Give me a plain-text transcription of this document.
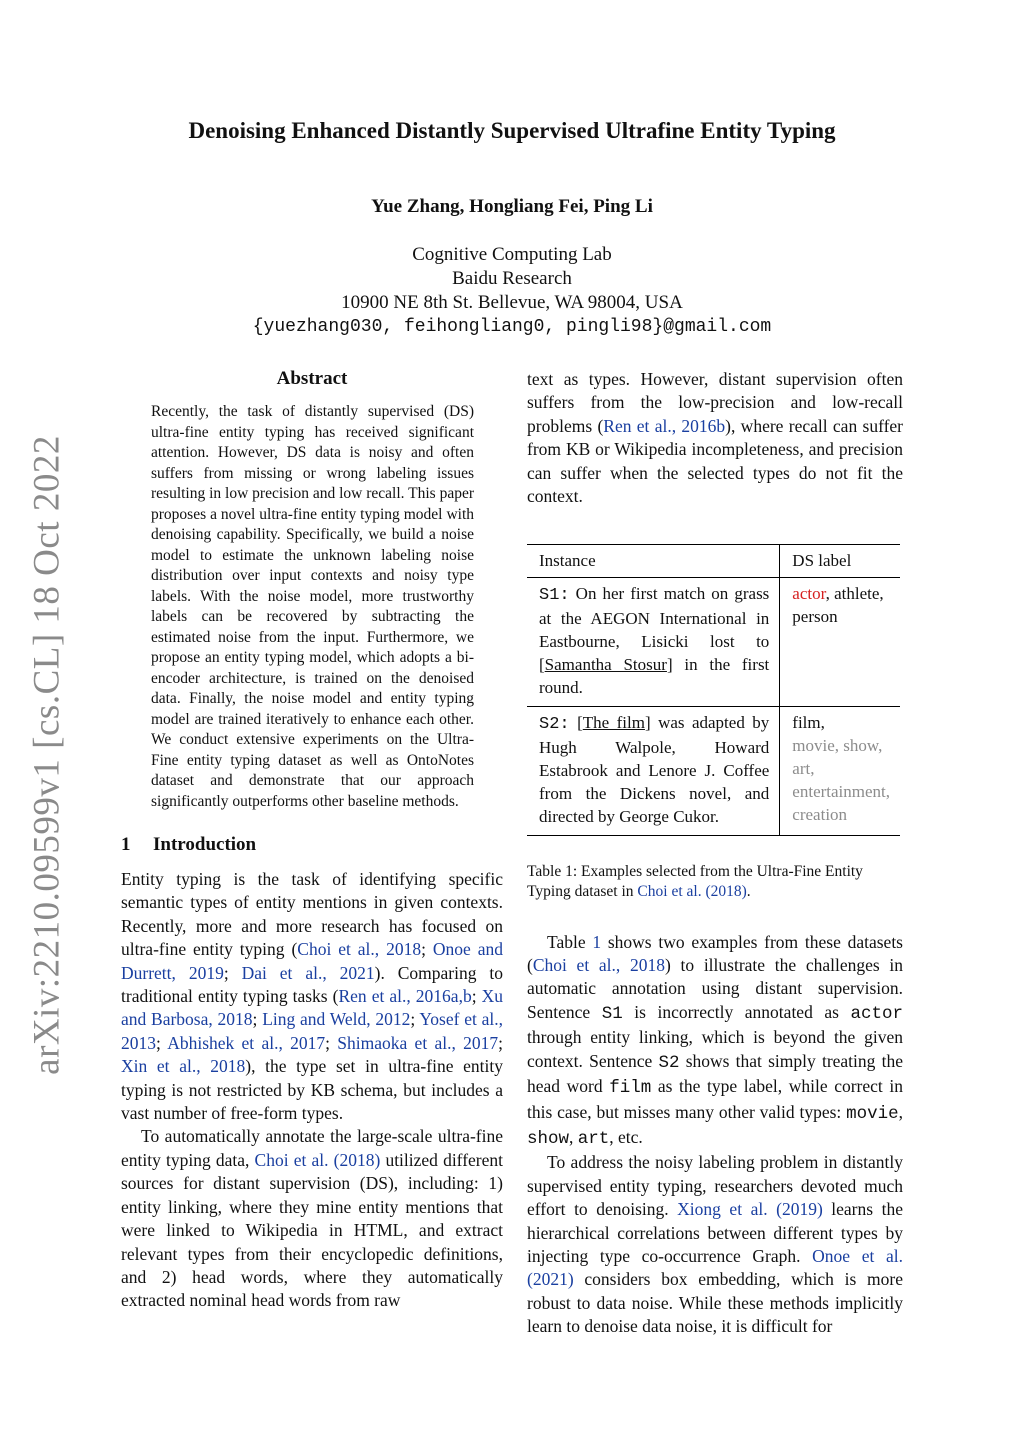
arXiv:2210.09599v1 [cs.CL] 18 Oct 2022
Denoising Enhanced Distantly Supervised Ultrafine Entity Typing
Yue Zhang, Hongliang Fei, Ping Li
Cognitive Computing Lab
Baidu Research
10900 NE 8th St. Bellevue, WA 98004, USA
{yuezhang030, feihongliang0, pingli98}@gmail.com
Abstract

Recently, the task of distantly supervised (DS) ultra-fine entity typing has received significant attention. However, DS data is noisy and often suffers from missing or wrong labeling issues resulting in low precision and low recall. This paper proposes a novel ultra-fine entity typing model with denoising capability. Specifically, we build a noise model to estimate the unknown labeling noise distribution over input contexts and noisy type labels. With the noise model, more trustworthy labels can be recovered by subtracting the estimated noise from the input. Furthermore, we propose an entity typing model, which adopts a bi-encoder architecture, is trained on the denoised data. Finally, the noise model and entity typing model are trained iteratively to enhance each other. We conduct extensive experiments on the Ultra-Fine entity typing dataset as well as OntoNotes dataset and demonstrate that our approach significantly outperforms other baseline methods.

1 Introduction

Entity typing is the task of identifying specific semantic types of entity mentions in given contexts. Recently, more and more research has focused on ultra-fine entity typing (Choi et al., 2018; Onoe and Durrett, 2019; Dai et al., 2021). Comparing to traditional entity typing tasks (Ren et al., 2016a,b; Xu and Barbosa, 2018; Ling and Weld, 2012; Yosef et al., 2013; Abhishek et al., 2017; Shimaoka et al., 2017; Xin et al., 2018), the type set in ultra-fine entity typing is not restricted by KB schema, but includes a vast number of free-form types.

To automatically annotate the large-scale ultra-fine entity typing data, Choi et al. (2018) utilized different sources for distant supervision (DS), including: 1) entity linking, where they mine entity mentions that were linked to Wikipedia in HTML, and extract relevant types from their encyclopedic definitions, and 2) head words, where they automatically extracted nominal head words from raw

text as types. However, distant supervision often suffers from the low-precision and low-recall problems (Ren et al., 2016b), where recall can suffer from KB or Wikipedia incompleteness, and precision can suffer when the selected types do not fit the context.

Instance	DS label
S1: On her first match on grass at the AEGON International in Eastbourne, Lisicki lost to [Samantha Stosur] in the first round.	actor, athlete, person
S2: [The film] was adapted by Hugh Walpole, Howard Estabrook and Lenore J. Coffee from the Dickens novel, and directed by George Cukor.	film,
movie, show, art, entertainment, creation

Table 1: Examples selected from the Ultra-Fine Entity Typing dataset in Choi et al. (2018).

Table 1 shows two examples from these datasets (Choi et al., 2018) to illustrate the challenges in automatic annotation using distant supervision. Sentence S1 is incorrectly annotated as actor through entity linking, which is beyond the given context. Sentence S2 shows that simply treating the head word film as the type label, while correct in this case, but misses many other valid types: movie, show, art, etc.

To address the noisy labeling problem in distantly supervised entity typing, researchers devoted much effort to denoising. Xiong et al. (2019) learns the hierarchical correlations between different types by injecting type co-occurrence Graph. Onoe et al. (2021) considers box embedding, which is more robust to data noise. While these methods implicitly learn to denoise data noise, it is difficult for
